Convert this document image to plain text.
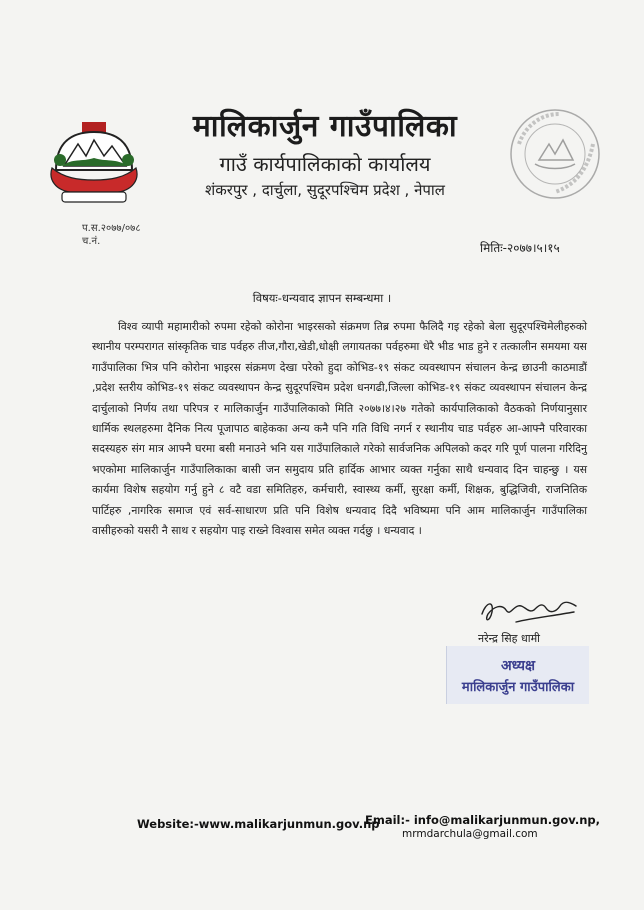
मालिकार्जुन गाउँपालिका
गाउँ कार्यपालिकाको कार्यालय
शंकरपुर , दार्चुला, सुदूरपश्चिम प्रदेश , नेपाल
प.स.२०७७/०७८
च.नं.	मितिः-२०७७।५।१५
विषयः-धन्यवाद ज्ञापन सम्बन्धमा ।
विश्व व्यापी महामारीको रुपमा रहेको कोरोना भाइरसको संक्रमण तिब्र रुपमा फैलिदै गइ रहेको बेला सुदूरपश्चिमेलीहरुको स्थानीय परम्परागत सांस्कृतिक चाड पर्वहरु तीज,गौरा,खेडी,धोक्षी लगायतका पर्वहरुमा धेरै भीड भाड हुने र तत्कालीन समयमा यस गाउँपालिका भित्र पनि कोरोना भाइरस संक्रमण देखा परेको हुदा कोभिड-१९ संकट व्यवस्थापन संचालन केन्द्र छाउनी काठमाडौं ,प्रदेश स्तरीय कोभिड-१९ संकट व्यवस्थापन केन्द्र सुदूरपश्चिम प्रदेश धनगढी,जिल्ला कोभिड-१९ संकट व्यवस्थापन संचालन केन्द्र दार्चुलाको निर्णय तथा परिपत्र र मालिकार्जुन गाउँपालिकाको मिति २०७७।४।२७ गतेको कार्यपालिकाको वैठकको निर्णयानुसार धार्मिक स्थलहरुमा दैनिक नित्य पूजापाठ बाहेकका अन्य कनै पनि गति विधि नगर्न र स्थानीय चाड पर्वहरु आ-आफ्नै परिवारका सदस्यहरु संग मात्र आफ्नै घरमा बसी मनाउने भनि यस गाउँपालिकाले गरेको सार्वजनिक अपिलको कदर गरि पूर्ण पालना गरिदिनु भएकोमा मालिकार्जुन गाउँपालिकाका बासी जन समुदाय प्रति हार्दिक आभार व्यक्त गर्नुका साथै धन्यवाद दिन चाहन्छु । यस कार्यमा विशेष सहयोग गर्नु हुने ८ वटै वडा समितिहरु, कर्मचारी, स्वास्थ्य कर्मी, सुरक्षा कर्मी, शिक्षक, बुद्धिजिवी, राजनितिक पार्टिहरु ,नागरिक समाज एवं सर्व-साधारण प्रति पनि विशेष धन्यवाद दिदै भविष्यमा पनि आम मालिकार्जुन गाउँपालिका वासीहरुको यसरी नै साथ र सहयोग पाइ राख्ने विश्वास समेत व्यक्त गर्दछु । धन्यवाद ।
नरेन्द्र सिह धामी
अध्यक्ष
मालिकार्जुन गाउँपालिका
Website:-www.malikarjunmun.gov.np
Email:- info@malikarjunmun.gov.np,
mrmdarchula@gmail.com
